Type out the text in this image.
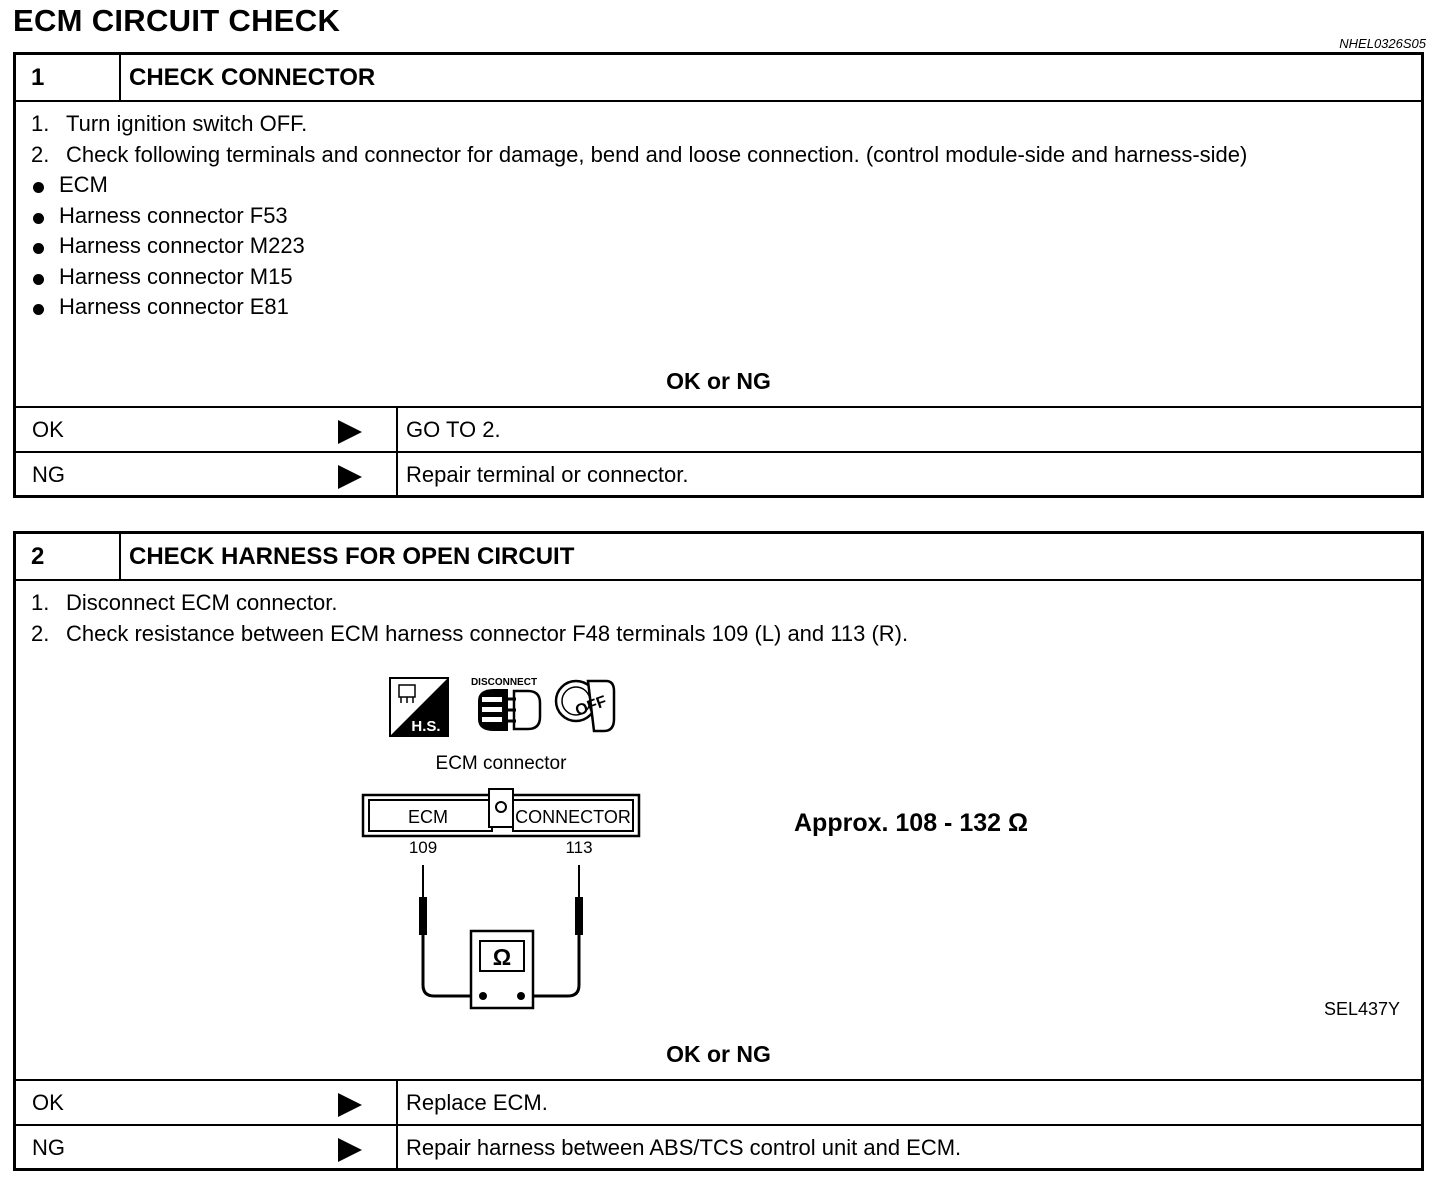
ECM CIRCUIT CHECK
NHEL0326S05
1	CHECK CONNECTOR
1. Turn ignition switch OFF.
2. Check following terminals and connector for damage, bend and loose connection. (control module-side and harness-side)
ECM
Harness connector F53
Harness connector M223
Harness connector M15
Harness connector E81
OK or NG
OK	GO TO 2.
NG	Repair terminal or connector.
2	CHECK HARNESS FOR OPEN CIRCUIT
1. Disconnect ECM connector.
2. Check resistance between ECM harness connector F48 terminals 109 (L) and 113 (R).
H.S.
DISCONNECT
OFF
ECM connector
ECM	CONNECTOR
109	113
Ω
Approx. 108 - 132 Ω
SEL437Y
OK or NG
OK	Replace ECM.
NG	Repair harness between ABS/TCS control unit and ECM.
